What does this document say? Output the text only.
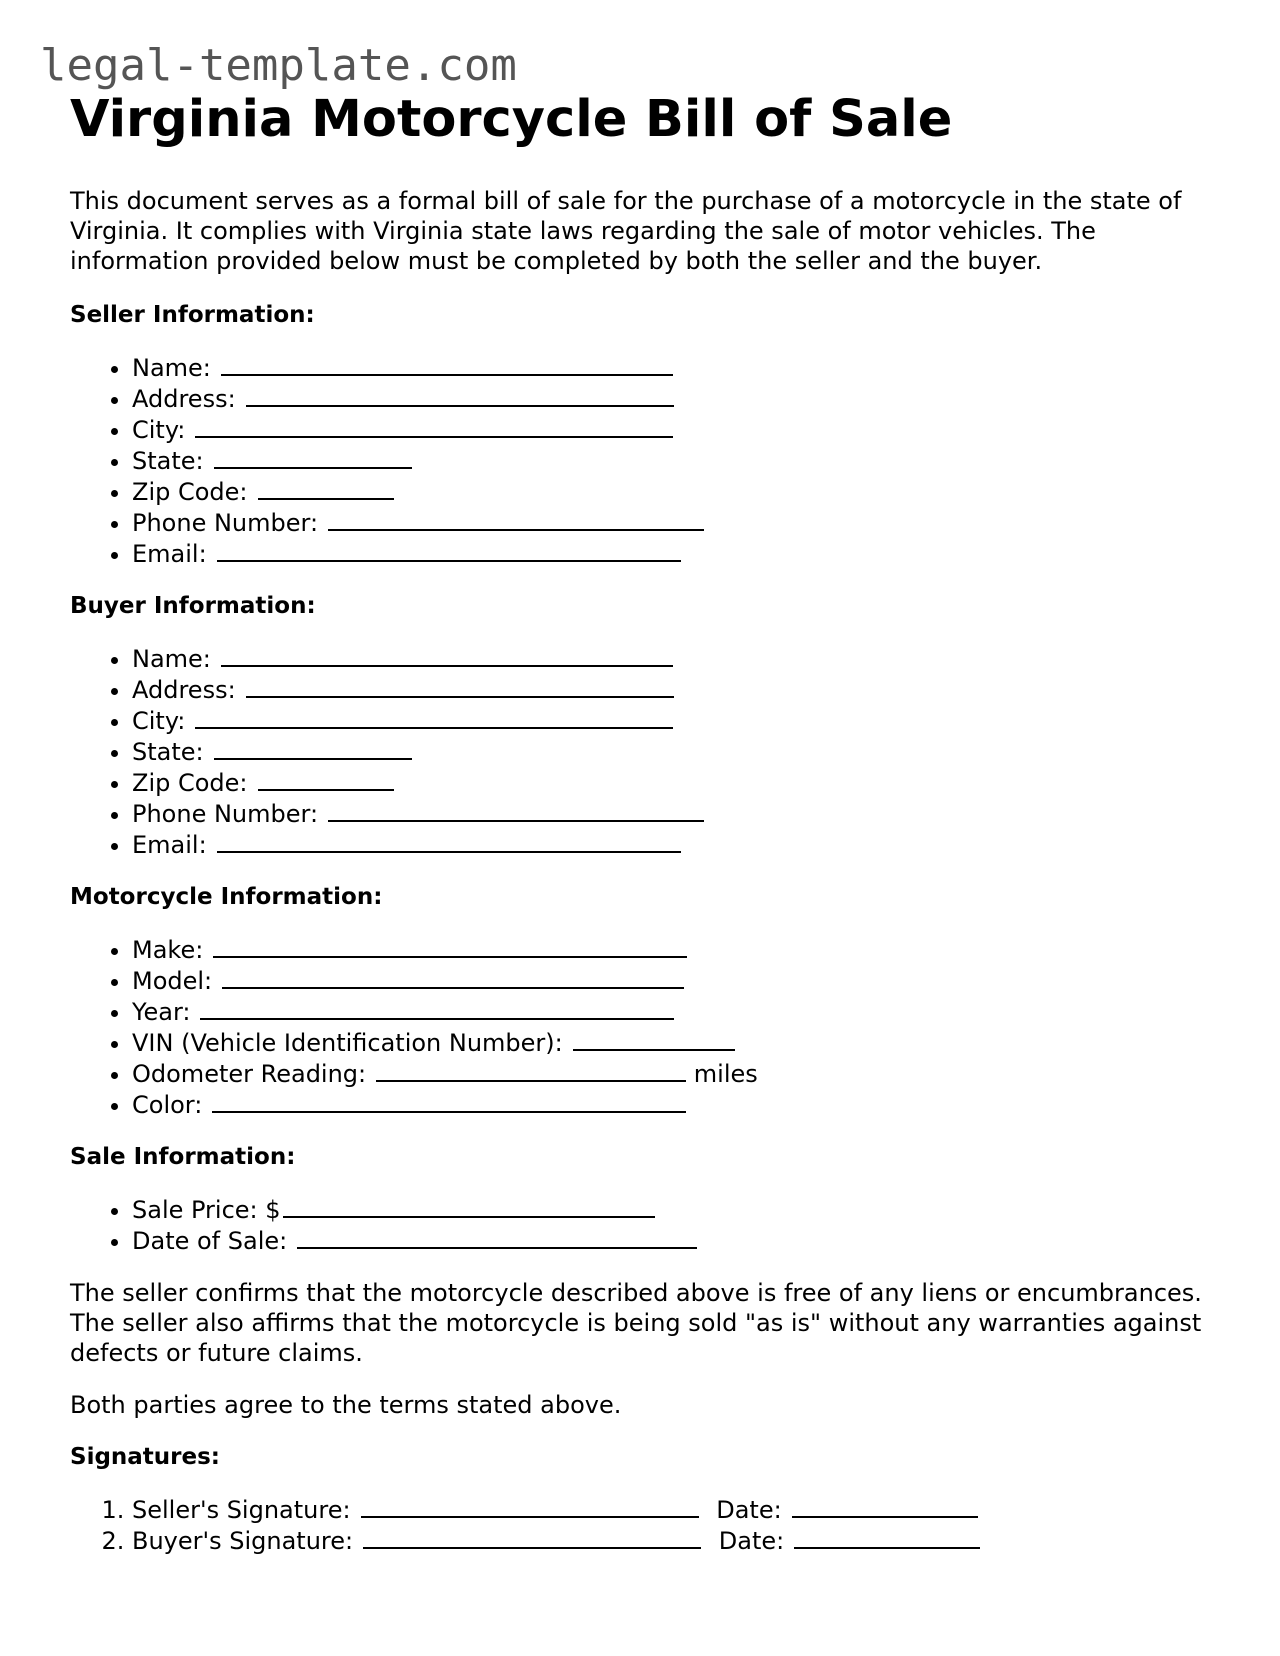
legal-template.com
Virginia Motorcycle Bill of Sale

This document serves as a formal bill of sale for the purchase of a motorcycle in the state of Virginia. It complies with Virginia state laws regarding the sale of motor vehicles. The information provided below must be completed by both the seller and the buyer.

Seller Information:
• Name:
• Address:
• City:
• State:
• Zip Code:
• Phone Number:
• Email:
Buyer Information:
• Name:
• Address:
• City:
• State:
• Zip Code:
• Phone Number:
• Email:
Motorcycle Information:
• Make:
• Model:
• Year:
• VIN (Vehicle Identification Number):
• Odometer Reading:	miles
• Color:
Sale Information:
• Sale Price: $
• Date of Sale:

The seller confirms that the motorcycle described above is free of any liens or encumbrances. The seller also affirms that the motorcycle is being sold "as is" without any warranties against defects or future claims.

Both parties agree to the terms stated above.

Signatures:
1. Seller's Signature:	Date:
2. Buyer's Signature:	Date:
